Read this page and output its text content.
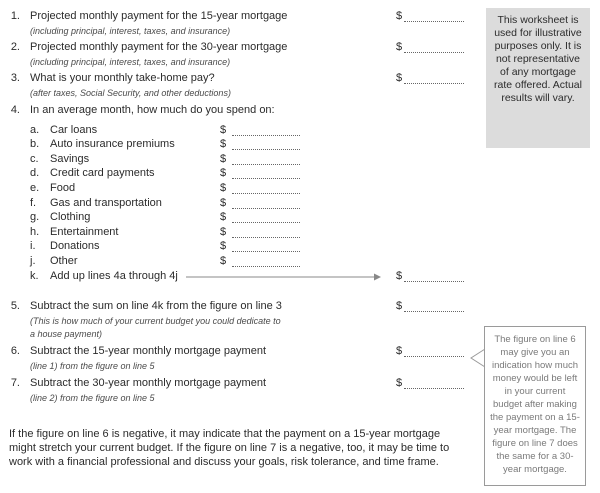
1. Projected monthly payment for the 15-year mortgage
(including principal, interest, taxes, and insurance)
$
2. Projected monthly payment for the 30-year mortgage
(including principal, interest, taxes, and insurance)
$
3. What is your monthly take-home pay?
(after taxes, Social Security, and other deductions)
$
4. In an average month, how much do you spend on:
a. Car loans	$
b. Auto insurance premiums	$
c.	Savings	$
d. Credit card payments	$
e. Food	$
f.	Gas and transportation	$
g. Clothing	$
h. Entertainment	$
i.	Donations	$
j.	Other	$
k.	Add up lines 4a through 4j	$
5. Subtract the sum on line 4k from the figure on line 3
(This is how much of your current budget you could dedicate to
a house payment)
$
6. Subtract the 15-year monthly mortgage payment
(line 1) from the figure on line 5
$
7. Subtract the 30-year monthly mortgage payment
(line 2) from the figure on line 5
$
This worksheet is used for illustrative purposes only. It is not representative of any mortgage rate offered. Actual results will vary.
The figure on line 6 may give you an indication how much money would be left in your current budget after making the payment on a 15-year mortgage. The figure on line 7 does the same for a 30-year mortgage.
If the figure on line 6 is negative, it may indicate that the payment on a 15-year mortgage might stretch your current budget. If the figure on line 7 is a negative, too, it may be time to work with a financial professional and discuss your goals, risk tolerance, and time frame.
